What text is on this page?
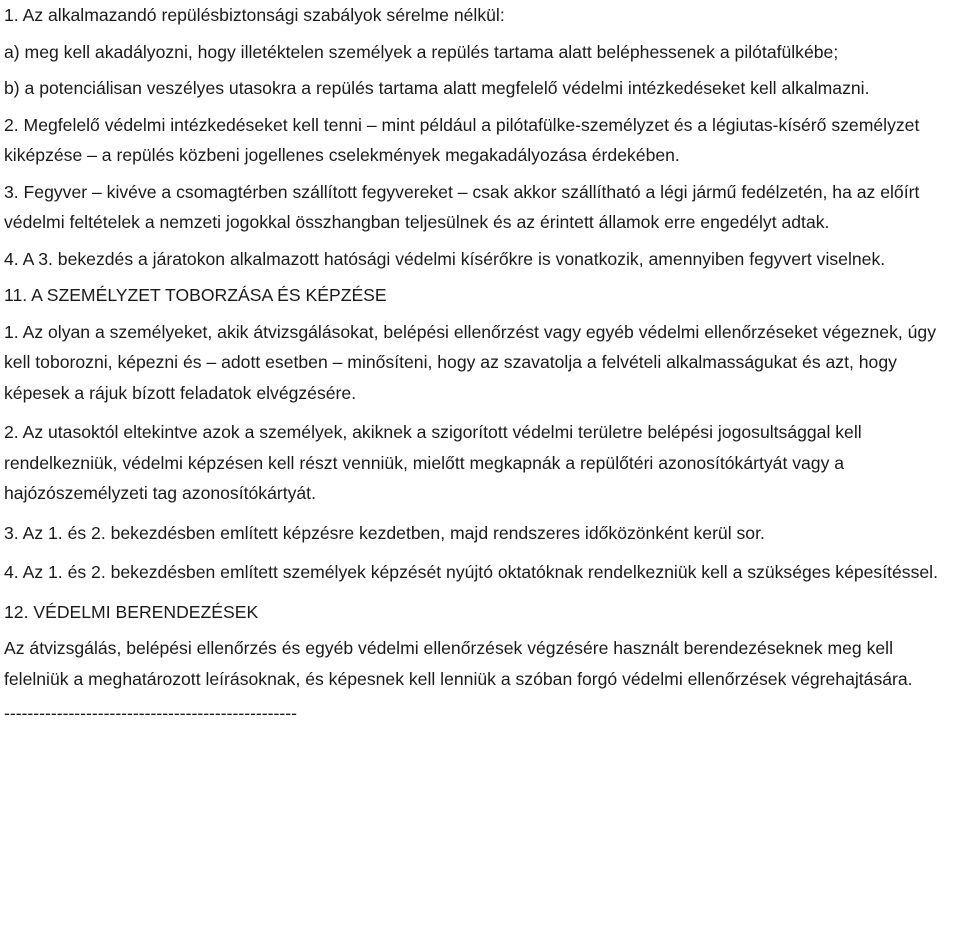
1. Az alkalmazandó repülésbiztonsági szabályok sérelme nélkül:

a) meg kell akadályozni, hogy illetéktelen személyek a repülés tartama alatt beléphessenek a pilótafülkébe;

b) a potenciálisan veszélyes utasokra a repülés tartama alatt megfelelő védelmi intézkedéseket kell alkalmazni.

2. Megfelelő védelmi intézkedéseket kell tenni – mint például a pilótafülke-személyzet és a légiutas-kísérő személyzet kiképzése – a repülés közbeni jogellenes cselekmények megakadályozása érdekében.

3. Fegyver – kivéve a csomagtérben szállított fegyvereket – csak akkor szállítható a légi jármű fedélzetén, ha az előírt védelmi feltételek a nemzeti jogokkal összhangban teljesülnek és az érintett államok erre engedélyt adtak.

4. A 3. bekezdés a járatokon alkalmazott hatósági védelmi kísérőkre is vonatkozik, amennyiben fegyvert viselnek.

11. A SZEMÉLYZET TOBORZÁSA ÉS KÉPZÉSE

1. Az olyan a személyeket, akik átvizsgálásokat, belépési ellenőrzést vagy egyéb védelmi ellenőrzéseket végeznek, úgy kell toborozni, képezni és – adott esetben – minősíteni, hogy az szavatolja a felvételi alkalmasságukat és azt, hogy képesek a rájuk bízott feladatok elvégzésére.

2. Az utasoktól eltekintve azok a személyek, akiknek a szigorított védelmi területre belépési jogosultsággal kell rendelkezniük, védelmi képzésen kell részt venniük, mielőtt megkapnák a repülőtéri azonosítókártyát vagy a hajózószemélyzeti tag azonosítókártyát.

3. Az 1. és 2. bekezdésben említett képzésre kezdetben, majd rendszeres időközönként kerül sor.

4. Az 1. és 2. bekezdésben említett személyek képzését nyújtó oktatóknak rendelkezniük kell a szükséges képesítéssel.

12. VÉDELMI BERENDEZÉSEK

Az átvizsgálás, belépési ellenőrzés és egyéb védelmi ellenőrzések végzésére használt berendezéseknek meg kell felelniük a meghatározott leírásoknak, és képesnek kell lenniük a szóban forgó védelmi ellenőrzések végrehajtására.

--------------------------------------------------
